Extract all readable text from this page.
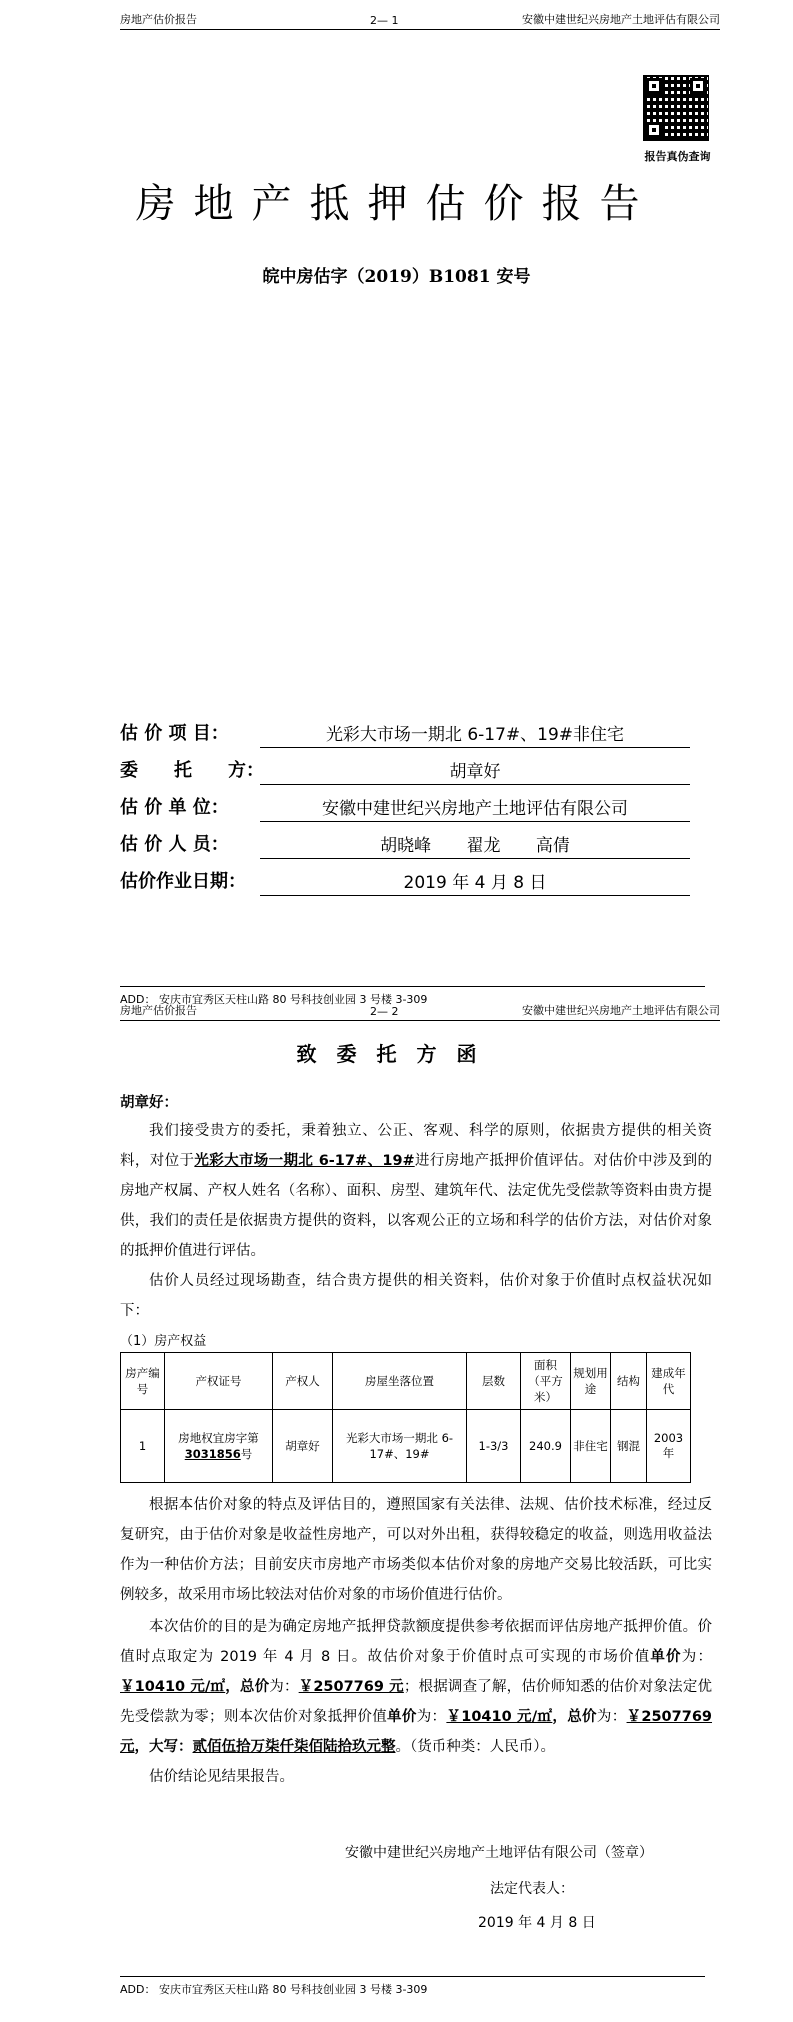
房地产估价报告	2— 1	安徽中建世纪兴房地产土地评估有限公司
报告真伪查询
房地产抵押估价报告
皖中房估字（2019）B1081 安号
估 价 项 目：	光彩大市场一期北 6-17#、19#非住宅
委　　托　　方：	胡章好
估 价 单 位：	安徽中建世纪兴房地产土地评估有限公司
估 价 人 员：	胡晓峰 翟龙 高倩
估价作业日期：	2019 年 4 月 8 日
ADD： 安庆市宜秀区天柱山路 80 号科技创业园 3 号楼 3-309
房地产估价报告	2— 2	安徽中建世纪兴房地产土地评估有限公司
致委托方函
胡章好：
我们接受贵方的委托，秉着独立、公正、客观、科学的原则，依据贵方提供的相关资料，对位于光彩大市场一期北 6-17#、19#进行房地产抵押价值评估。对估价中涉及到的房地产权属、产权人姓名（名称）、面积、房型、建筑年代、法定优先受偿款等资料由贵方提供，我们的责任是依据贵方提供的资料，以客观公正的立场和科学的估价方法，对估价对象的抵押价值进行评估。
估价人员经过现场勘查，结合贵方提供的相关资料，估价对象于价值时点权益状况如下：
（1）房产权益
房产编号	产权证号	产权人	房屋坐落位置	层数	面积（平方米）	规划用途	结构	建成年代
1	房地权宜房字第3031856号	胡章好	光彩大市场一期北 6-17#、19#	1-3/3	240.9	非住宅	钢混	2003 年
根据本估价对象的特点及评估目的，遵照国家有关法律、法规、估价技术标准，经过反复研究，由于估价对象是收益性房地产，可以对外出租，获得较稳定的收益，则选用收益法作为一种估价方法；目前安庆市房地产市场类似本估价对象的房地产交易比较活跃，可比实例较多，故采用市场比较法对估价对象的市场价值进行估价。
本次估价的目的是为确定房地产抵押贷款额度提供参考依据而评估房地产抵押价值。价值时点取定为 2019 年 4 月 8 日。故估价对象于价值时点可实现的市场价值单价为：￥10410 元/㎡，总价为：￥2507769 元；根据调查了解，估价师知悉的估价对象法定优先受偿款为零；则本次估价对象抵押价值单价为：￥10410 元/㎡，总价为：￥2507769 元，大写：贰佰伍拾万柒仟柒佰陆拾玖元整。（货币种类：人民币）。
估价结论见结果报告。
安徽中建世纪兴房地产土地评估有限公司（签章）
法定代表人：
2019 年 4 月 8 日
ADD： 安庆市宜秀区天柱山路 80 号科技创业园 3 号楼 3-309
